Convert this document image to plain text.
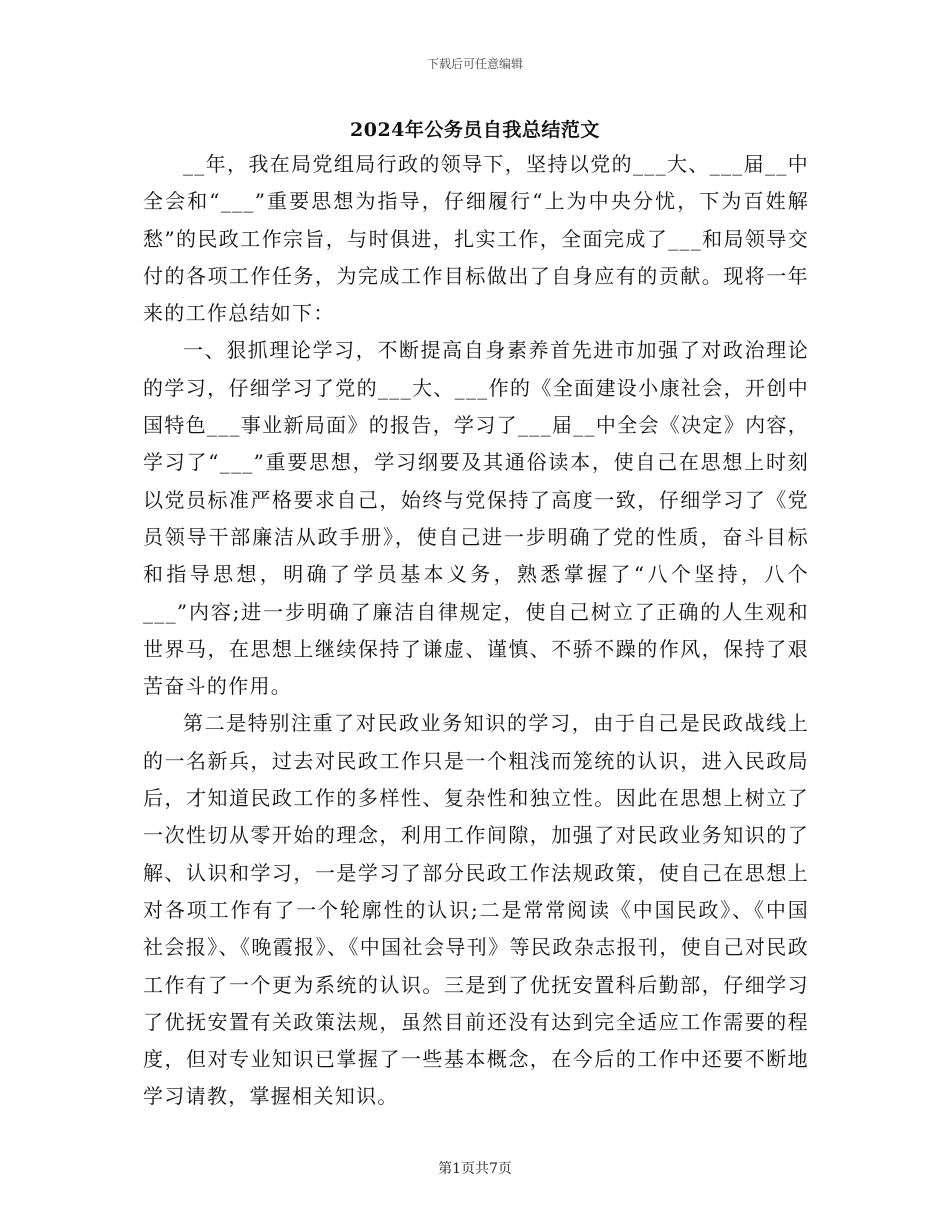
下载后可任意编辑
2024年公务员自我总结范文

__年，我在局党组局行政的领导下，坚持以党的___大、___届__中全会和“___”重要思想为指导，仔细履行“上为中央分忧，下为百姓解愁”的民政工作宗旨，与时俱进，扎实工作，全面完成了___和局领导交付的各项工作任务，为完成工作目标做出了自身应有的贡献。现将一年来的工作总结如下：

一、狠抓理论学习，不断提高自身素养首先进市加强了对政治理论的学习，仔细学习了党的___大、___作的《全面建设小康社会，开创中国特色___事业新局面》的报告，学习了___届__中全会《决定》内容，学习了“___”重要思想，学习纲要及其通俗读本，使自己在思想上时刻以党员标准严格要求自己，始终与党保持了高度一致，仔细学习了《党员领导干部廉洁从政手册》，使自己进一步明确了党的性质，奋斗目标和指导思想，明确了学员基本义务，熟悉掌握了“八个坚持，八个___”内容;进一步明确了廉洁自律规定，使自己树立了正确的人生观和世界马，在思想上继续保持了谦虚、谨慎、不骄不躁的作风，保持了艰苦奋斗的作用。

第二是特别注重了对民政业务知识的学习，由于自己是民政战线上的一名新兵，过去对民政工作只是一个粗浅而笼统的认识，进入民政局后，才知道民政工作的多样性、复杂性和独立性。因此在思想上树立了一次性切从零开始的理念，利用工作间隙，加强了对民政业务知识的了解、认识和学习，一是学习了部分民政工作法规政策，使自己在思想上对各项工作有了一个轮廓性的认识;二是常常阅读《中国民政》、《中国社会报》、《晚霞报》、《中国社会导刊》等民政杂志报刊，使自己对民政工作有了一个更为系统的认识。三是到了优抚安置科后勤部，仔细学习了优抚安置有关政策法规，虽然目前还没有达到完全适应工作需要的程度，但对专业知识已掌握了一些基本概念，在今后的工作中还要不断地学习请教，掌握相关知识。

第1页共7页
